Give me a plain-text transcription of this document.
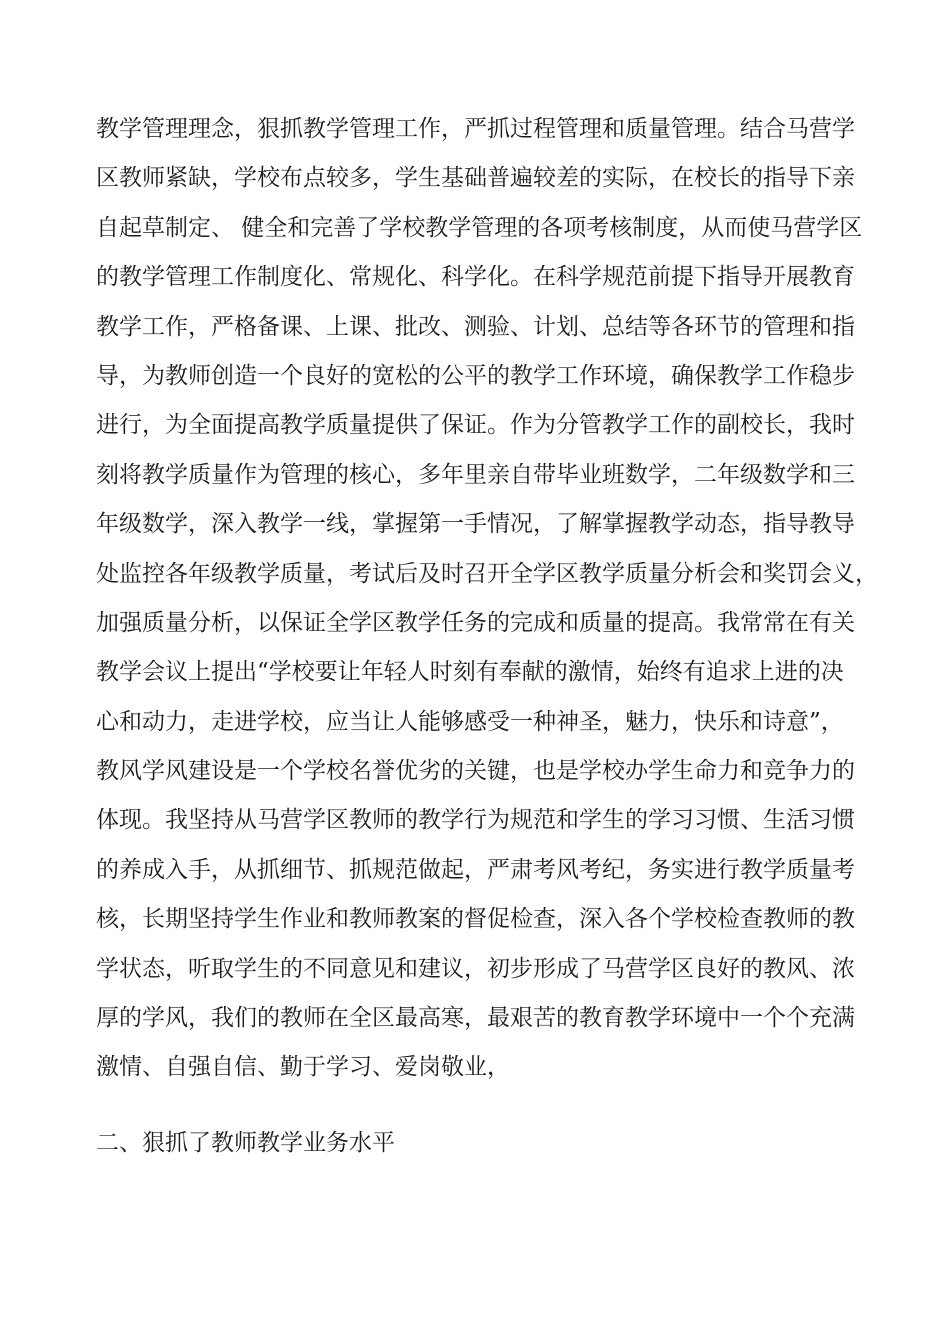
教学管理理念，狠抓教学管理工作，严抓过程管理和质量管理。结合马营学
区教师紧缺，学校布点较多，学生基础普遍较差的实际，在校长的指导下亲
自起草制定、 健全和完善了学校教学管理的各项考核制度，从而使马营学区
的教学管理工作制度化、常规化、科学化。在科学规范前提下指导开展教育
教学工作，严格备课、上课、批改、测验、计划、总结等各环节的管理和指
导，为教师创造一个良好的宽松的公平的教学工作环境，确保教学工作稳步
进行，为全面提高教学质量提供了保证。作为分管教学工作的副校长，我时
刻将教学质量作为管理的核心，多年里亲自带毕业班数学，二年级数学和三
年级数学，深入教学一线，掌握第一手情况，了解掌握教学动态，指导教导
处监控各年级教学质量，考试后及时召开全学区教学质量分析会和奖罚会义，
加强质量分析，以保证全学区教学任务的完成和质量的提高。我常常在有关
教学会议上提出“学校要让年轻人时刻有奉献的激情，始终有追求上进的决
心和动力，走进学校，应当让人能够感受一种神圣，魅力，快乐和诗意”，
教风学风建设是一个学校名誉优劣的关键，也是学校办学生命力和竞争力的
体现。我坚持从马营学区教师的教学行为规范和学生的学习习惯、生活习惯
的养成入手，从抓细节、抓规范做起，严肃考风考纪，务实进行教学质量考
核，长期坚持学生作业和教师教案的督促检查，深入各个学校检查教师的教
学状态，听取学生的不同意见和建议，初步形成了马营学区良好的教风、浓
厚的学风，我们的教师在全区最高寒，最艰苦的教育教学环境中一个个充满
激情、自强自信、勤于学习、爱岗敬业，
二、狠抓了教师教学业务水平
